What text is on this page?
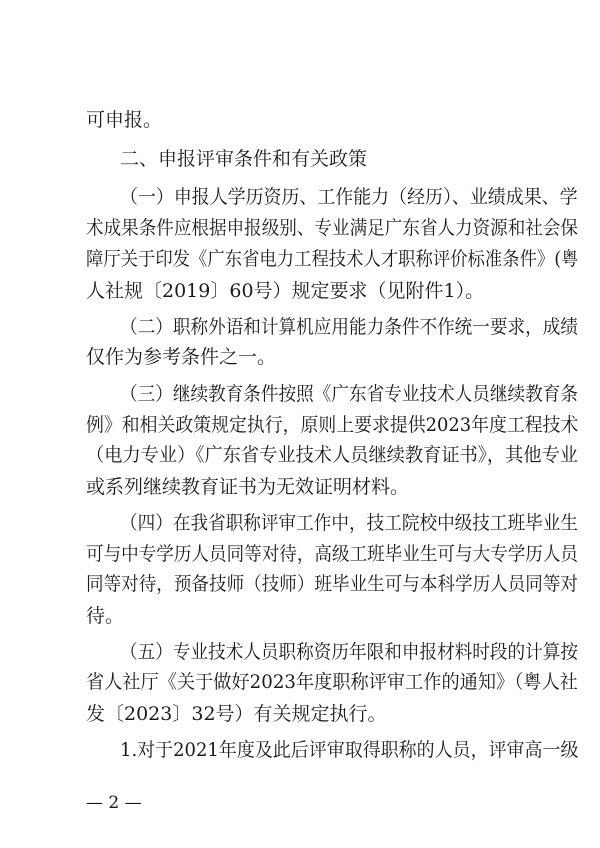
可申报。
二、申报评审条件和有关政策
（一）申报人学历资历、工作能力（经历）、业绩成果、学
术成果条件应根据申报级别、专业满足广东省人力资源和社会保
障厅关于印发《广东省电力工程技术人才职称评价标准条件》(粤
人社规〔2019〕60号）规定要求（见附件1）。
（二）职称外语和计算机应用能力条件不作统一要求，成绩
仅作为参考条件之一。
（三）继续教育条件按照《广东省专业技术人员继续教育条
例》和相关政策规定执行，原则上要求提供2023年度工程技术
（电力专业）《广东省专业技术人员继续教育证书》，其他专业
或系列继续教育证书为无效证明材料。
（四）在我省职称评审工作中，技工院校中级技工班毕业生
可与中专学历人员同等对待，高级工班毕业生可与大专学历人员
同等对待，预备技师（技师）班毕业生可与本科学历人员同等对
待。
（五）专业技术人员职称资历年限和申报材料时段的计算按
省人社厅《关于做好2023年度职称评审工作的通知》（粤人社
发〔2023〕32号）有关规定执行。
1.对于2021年度及此后评审取得职称的人员，评审高一级
— 2 —
